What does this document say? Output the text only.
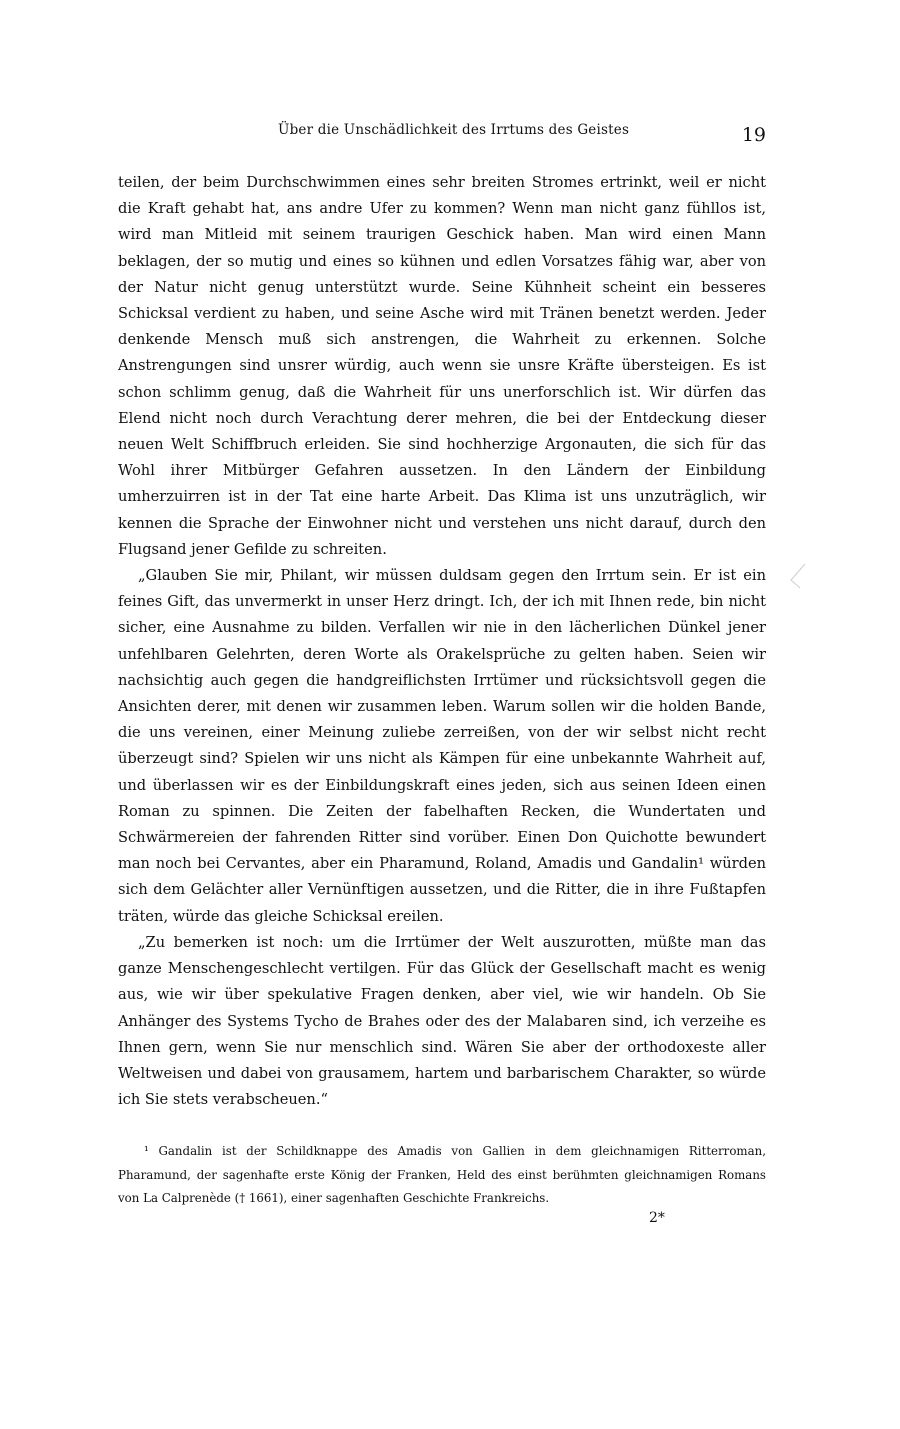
Über die Unschädlichkeit des Irrtums des Geistes	19

teilen, der beim Durchschwimmen eines sehr breiten Stromes ertrinkt, weil er nicht die Kraft gehabt hat, ans andre Ufer zu kommen? Wenn man nicht ganz fühllos ist, wird man Mitleid mit seinem traurigen Geschick haben. Man wird einen Mann beklagen, der so mutig und eines so kühnen und edlen Vorsatzes fähig war, aber von der Natur nicht genug unterstützt wurde. Seine Kühnheit scheint ein besseres Schicksal verdient zu haben, und seine Asche wird mit Tränen benetzt werden. Jeder denkende Mensch muß sich anstrengen, die Wahrheit zu erkennen. Solche Anstrengungen sind unsrer würdig, auch wenn sie unsre Kräfte übersteigen. Es ist schon schlimm genug, daß die Wahrheit für uns unerforschlich ist. Wir dürfen das Elend nicht noch durch Verachtung derer mehren, die bei der Entdeckung dieser neuen Welt Schiffbruch erleiden. Sie sind hochherzige Argonauten, die sich für das Wohl ihrer Mitbürger Gefahren aussetzen. In den Ländern der Einbildung umherzuirren ist in der Tat eine harte Arbeit. Das Klima ist uns unzuträglich, wir kennen die Sprache der Einwohner nicht und verstehen uns nicht darauf, durch den Flugsand jener Gefilde zu schreiten.

„Glauben Sie mir, Philant, wir müssen duldsam gegen den Irrtum sein. Er ist ein feines Gift, das unvermerkt in unser Herz dringt. Ich, der ich mit Ihnen rede, bin nicht sicher, eine Ausnahme zu bilden. Verfallen wir nie in den lächerlichen Dünkel jener unfehlbaren Gelehrten, deren Worte als Orakelsprüche zu gelten haben. Seien wir nachsichtig auch gegen die handgreiflichsten Irrtümer und rücksichtsvoll gegen die Ansichten derer, mit denen wir zusammen leben. Warum sollen wir die holden Bande, die uns vereinen, einer Meinung zuliebe zerreißen, von der wir selbst nicht recht überzeugt sind? Spielen wir uns nicht als Kämpen für eine unbekannte Wahrheit auf, und überlassen wir es der Einbildungskraft eines jeden, sich aus seinen Ideen einen Roman zu spinnen. Die Zeiten der fabelhaften Recken, die Wundertaten und Schwärmereien der fahrenden Ritter sind vorüber. Einen Don Quichotte bewundert man noch bei Cervantes, aber ein Pharamund, Roland, Amadis und Gandalin¹ würden sich dem Gelächter aller Vernünftigen aussetzen, und die Ritter, die in ihre Fußtapfen träten, würde das gleiche Schicksal ereilen.

„Zu bemerken ist noch: um die Irrtümer der Welt auszurotten, müßte man das ganze Menschengeschlecht vertilgen. Für das Glück der Gesellschaft macht es wenig aus, wie wir über spekulative Fragen denken, aber viel, wie wir handeln. Ob Sie Anhänger des Systems Tycho de Brahes oder des der Malabaren sind, ich verzeihe es Ihnen gern, wenn Sie nur menschlich sind. Wären Sie aber der orthodoxeste aller Weltweisen und dabei von grausamem, hartem und barbarischem Charakter, so würde ich Sie stets verabscheuen.“

¹ Gandalin ist der Schildknappe des Amadis von Gallien in dem gleichnamigen Ritterroman, Pharamund, der sagenhafte erste König der Franken, Held des einst berühmten gleichnamigen Romans von La Calprenède († 1661), einer sagenhaften Geschichte Frankreichs.

2*
